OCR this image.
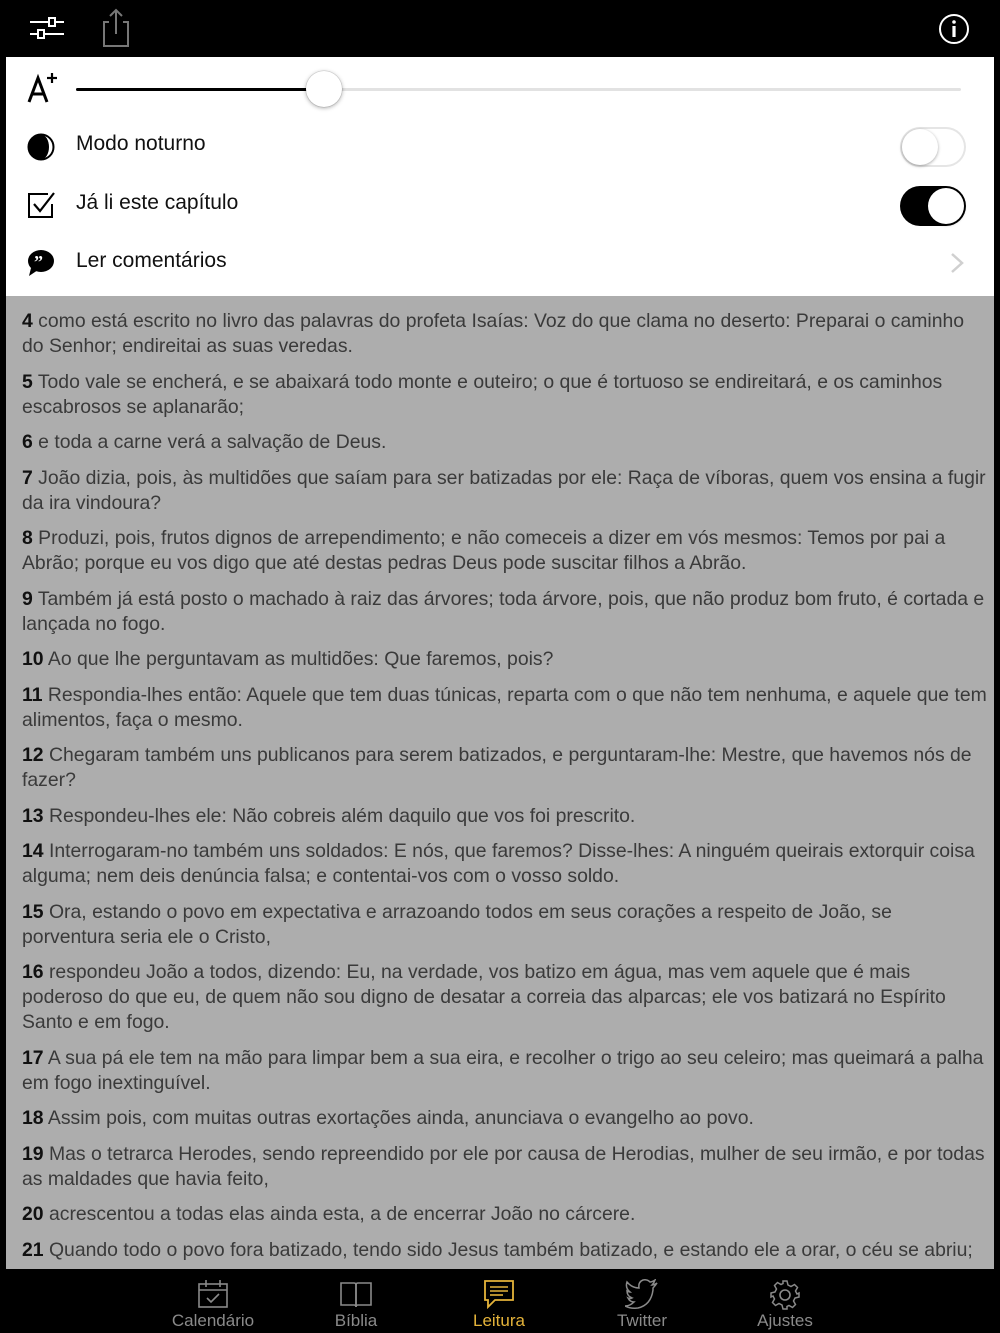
Modo noturno
Já li este capítulo
” Ler comentários

4 como está escrito no livro das palavras do profeta Isaías: Voz do que clama no deserto: Preparai o caminho do Senhor; endireitai as suas veredas.

5 Todo vale se encherá, e se abaixará todo monte e outeiro; o que é tortuoso se endireitará, e os caminhos escabrosos se aplanarão;

6 e toda a carne verá a salvação de Deus.

7 João dizia, pois, às multidões que saíam para ser batizadas por ele: Raça de víboras, quem vos ensina a fugir da ira vindoura?

8 Produzi, pois, frutos dignos de arrependimento; e não comeceis a dizer em vós mesmos: Temos por pai a Abrão; porque eu vos digo que até destas pedras Deus pode suscitar filhos a Abrão.

9 Também já está posto o machado à raiz das árvores; toda árvore, pois, que não produz bom fruto, é cortada e lançada no fogo.

10 Ao que lhe perguntavam as multidões: Que faremos, pois?

11 Respondia-lhes então: Aquele que tem duas túnicas, reparta com o que não tem nenhuma, e aquele que tem alimentos, faça o mesmo.

12 Chegaram também uns publicanos para serem batizados, e perguntaram-lhe: Mestre, que havemos nós de fazer?

13 Respondeu-lhes ele: Não cobreis além daquilo que vos foi prescrito.

14 Interrogaram-no também uns soldados: E nós, que faremos? Disse-lhes: A ninguém queirais extorquir coisa alguma; nem deis denúncia falsa; e contentai-vos com o vosso soldo.

15 Ora, estando o povo em expectativa e arrazoando todos em seus corações a respeito de João, se porventura seria ele o Cristo,

16 respondeu João a todos, dizendo: Eu, na verdade, vos batizo em água, mas vem aquele que é mais poderoso do que eu, de quem não sou digno de desatar a correia das alparcas; ele vos batizará no Espírito Santo e em fogo.

17 A sua pá ele tem na mão para limpar bem a sua eira, e recolher o trigo ao seu celeiro; mas queimará a palha em fogo inextinguível.

18 Assim pois, com muitas outras exortações ainda, anunciava o evangelho ao povo.

19 Mas o tetrarca Herodes, sendo repreendido por ele por causa de Herodias, mulher de seu irmão, e por todas as maldades que havia feito,

20 acrescentou a todas elas ainda esta, a de encerrar João no cárcere.

21 Quando todo o povo fora batizado, tendo sido Jesus também batizado, e estando ele a orar, o céu se abriu;

Calendário	Bíblia	Leitura	Twitter	Ajustes
